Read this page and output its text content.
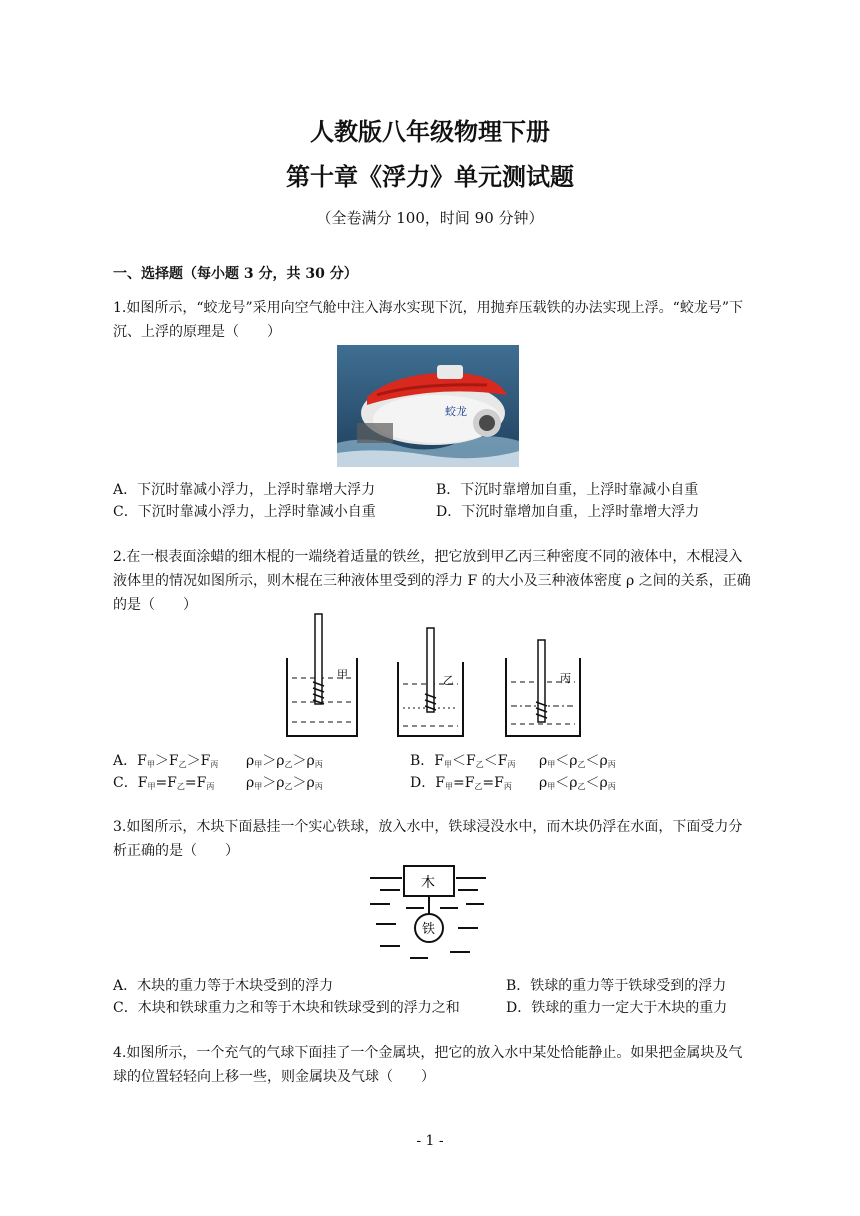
人教版八年级物理下册
第十章《浮力》单元测试题
（全卷满分 100，时间 90 分钟）
一、选择题（每小题 3 分，共 30 分）
1.如图所示，“蛟龙号”采用向空气舱中注入海水实现下沉，用抛弃压载铁的办法实现上浮。“蛟龙号”下沉、上浮的原理是（　　）
蛟龙
A．下沉时靠减小浮力，上浮时靠增大浮力	B．下沉时靠增加自重，上浮时靠减小自重
C．下沉时靠减小浮力，上浮时靠减小自重	D．下沉时靠增加自重，上浮时靠增大浮力
2.在一根表面涂蜡的细木棍的一端绕着适量的铁丝，把它放到甲乙丙三种密度不同的液体中，木棍浸入液体里的情况如图所示，则木棍在三种液体里受到的浮力 F 的大小及三种液体密度 ρ 之间的关系，正确的是（　　）
甲	乙	丙
A．$F_甲>F_乙>F_丙$ $\rho_甲>\rho_乙>\rho_丙$	B．$F_甲<F_乙<F_丙$ $\rho_甲<\rho_乙<\rho_丙$
C．$F_甲=F_乙=F_丙$ $\rho_甲>\rho_乙>\rho_丙$	D．$F_甲=F_乙=F_丙$ $\rho_甲<\rho_乙<\rho_丙$
3.如图所示，木块下面悬挂一个实心铁球，放入水中，铁球浸没水中，而木块仍浮在水面，下面受力分析正确的是（　　）
木
铁
A．木块的重力等于木块受到的浮力	B．铁球的重力等于铁球受到的浮力
C．木块和铁球重力之和等于木块和铁球受到的浮力之和	D．铁球的重力一定大于木块的重力
4.如图所示，一个充气的气球下面挂了一个金属块，把它的放入水中某处恰能静止。如果把金属块及气球的位置轻轻向上移一些，则金属块及气球（　　）
- 1 -
